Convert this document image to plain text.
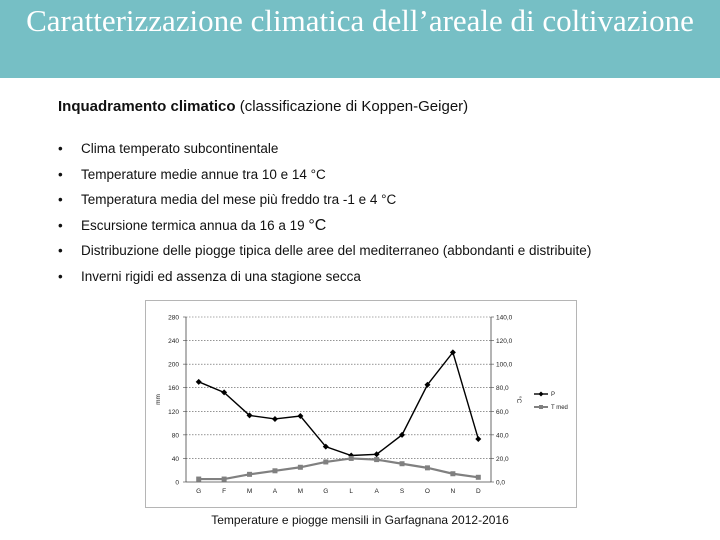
Caratterizzazione climatica dell’areale di coltivazione
Inquadramento climatico (classificazione di Koppen-Geiger)
• Clima temperato subcontinentale
• Temperature medie annue tra 10 e 14 °C
• Temperatura media del mese più freddo tra -1 e 4 °C
• Escursione termica annua da 16 a 19 °C
• Distribuzione delle piogge tipica delle aree del mediterraneo (abbondanti e distribuite)
• Inverni rigidi ed assenza di una stagione secca
0	0,0
40	20,0
80	40,0
120	60,0
160	80,0
200	100,0
240	120,0
280	140,0
G	F	M	A	M	G	L	A	S	O	N	D
mm	°C
P
T med
Temperature e piogge mensili in Garfagnana 2012-2016
